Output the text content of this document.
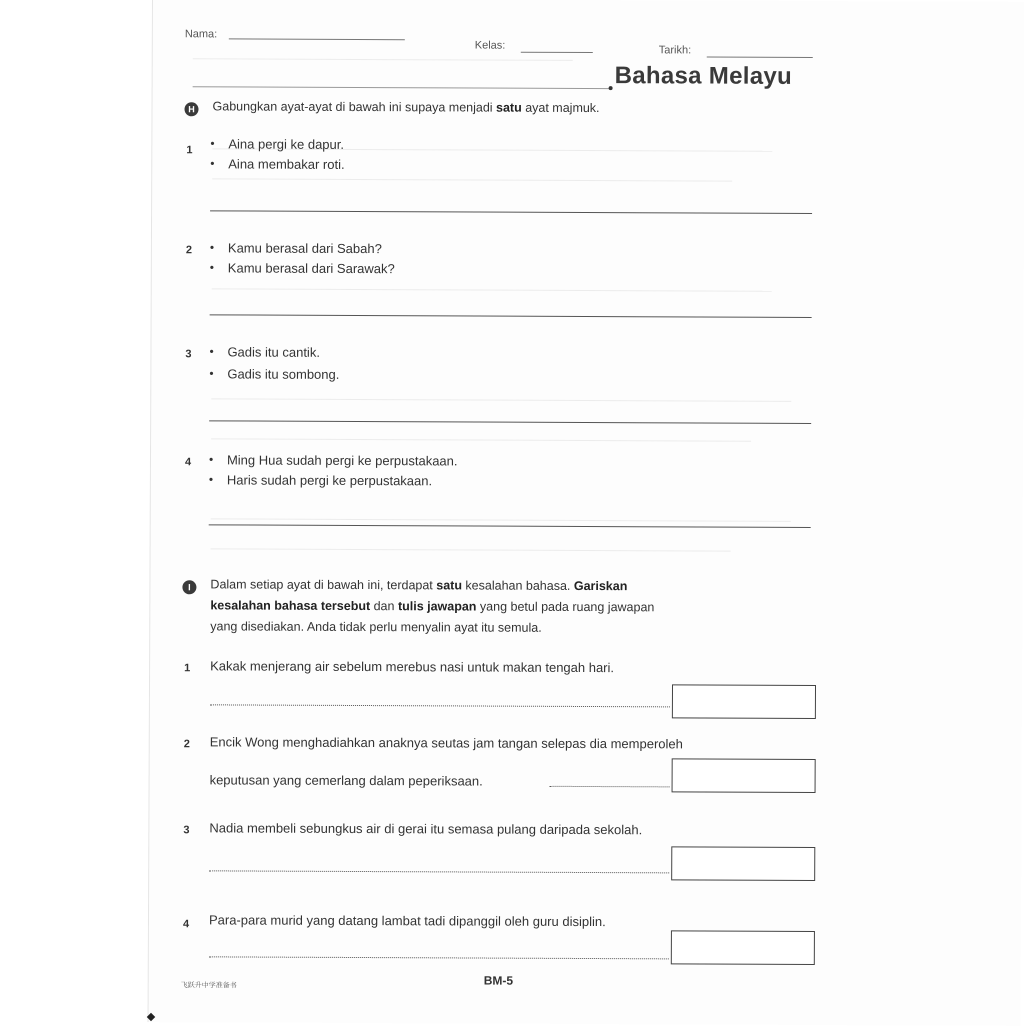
Nama:
Kelas:	Tarikh:
Bahasa Melayu
H	Gabungkan ayat-ayat di bawah ini supaya menjadi satu ayat majmuk.
1	• Aina pergi ke dapur.
• Aina membakar roti.
2	• Kamu berasal dari Sabah?
• Kamu berasal dari Sarawak?
3	• Gadis itu cantik.
• Gadis itu sombong.
4	• Ming Hua sudah pergi ke perpustakaan.
• Haris sudah pergi ke perpustakaan.
I	Dalam setiap ayat di bawah ini, terdapat satu kesalahan bahasa. Gariskan
kesalahan bahasa tersebut dan tulis jawapan yang betul pada ruang jawapan
yang disediakan. Anda tidak perlu menyalin ayat itu semula.
1 Kakak menjerang air sebelum merebus nasi untuk makan tengah hari.
2 Encik Wong menghadiahkan anaknya seutas jam tangan selepas dia memperoleh
keputusan yang cemerlang dalam peperiksaan.
3 Nadia membeli sebungkus air di gerai itu semasa pulang daripada sekolah.
4 Para-para murid yang datang lambat tadi dipanggil oleh guru disiplin.
飞跃升中学准备书	BM-5
